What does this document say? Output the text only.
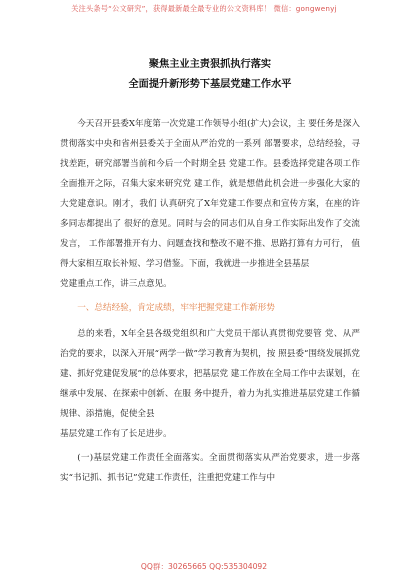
关注头条号“公文研究”，获得最新最全最专业的公文资料库！ 微信：gongwenyj

聚焦主业主责狠抓执行落实

全面提升新形势下基层党建工作水平

今天召开县委X年度第一次党建工作领导小组(扩大)会议，主 要任务是深入贯彻落实中央和省州县委关于全面从严治党的一系列 部署要求，总结经验，寻找差距，研究部署当前和今后一个时期全县 党建工作。县委选择党建各项工作全面推开之际，召集大家来研究党 建工作，就是想借此机会进一步强化大家的大党建意识。刚才，我们 认真研究了X年党建工作要点和宣传方案，在座的许多同志都提出了 很好的意见。同时与会的同志们从自身工作实际出发作了交流发言， 工作部署推开有力、问题查找和整改不避不推、思路打算有力可行， 值得大家相互取长补短、学习借鉴。下面，我就进一步推进全县基层

党建重点工作，讲三点意见。

一、总结经验，肯定成绩，牢牢把握党建工作新形势

总的来看，X年全县各级党组织和广大党员干部认真贯彻党要管 党、从严治党的要求，以深入开展“两学一做”学习教育为契机，按 照县委“围绕发展抓党建、抓好党建促发展”的总体要求，把基层党 建工作放在全局工作中去谋划，在继承中发展、在探索中创新、在服 务中提升，着力为扎实推进基层党建工作循规律、添措施，促使全县

基层党建工作有了长足进步。

(一)基层党建工作责任全面落实。全面贯彻落实从严治党要求，进一步落实“书记抓、抓书记”党建工作责任，注重把党建工作与中

QQ群：30265665 QQ:535304092
